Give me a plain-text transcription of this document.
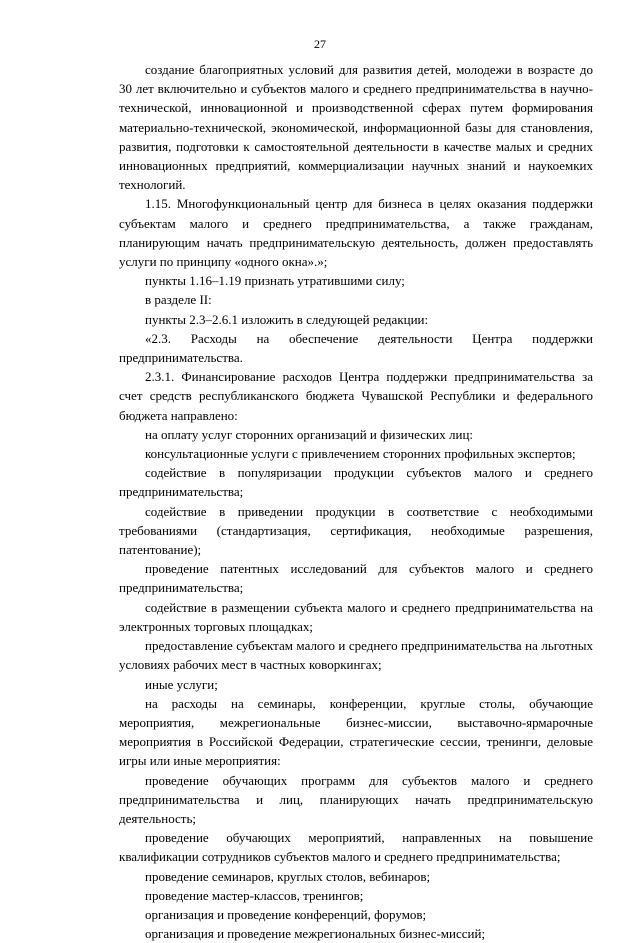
27

создание благоприятных условий для развития детей, молодежи в возрасте до 30 лет включительно и субъектов малого и среднего предпринимательства в научно-технической, инновационной и производственной сферах путем формирования материально-технической, экономической, информационной базы для становления, развития, подготовки к самостоятельной деятельности в качестве малых и средних инновационных предприятий, коммерциализации научных знаний и наукоемких технологий.

1.15. Многофункциональный центр для бизнеса в целях оказания поддержки субъектам малого и среднего предпринимательства, а также гражданам, планирующим начать предпринимательскую деятельность, должен предоставлять услуги по принципу «одного окна».»;

пункты 1.16–1.19 признать утратившими силу;

в разделе II:

пункты 2.3–2.6.1 изложить в следующей редакции:

«2.3. Расходы на обеспечение деятельности Центра поддержки предпринимательства.

2.3.1. Финансирование расходов Центра поддержки предпринимательства за счет средств республиканского бюджета Чувашской Республики и федерального бюджета направлено:

на оплату услуг сторонних организаций и физических лиц:

консультационные услуги с привлечением сторонних профильных экспертов;

содействие в популяризации продукции субъектов малого и среднего предпринимательства;

содействие в приведении продукции в соответствие с необходимыми требованиями (стандартизация, сертификация, необходимые разрешения, патентование);

проведение патентных исследований для субъектов малого и среднего предпринимательства;

содействие в размещении субъекта малого и среднего предпринимательства на электронных торговых площадках;

предоставление субъектам малого и среднего предпринимательства на льготных условиях рабочих мест в частных коворкингах;

иные услуги;

на расходы на семинары, конференции, круглые столы, обучающие мероприятия, межрегиональные бизнес-миссии, выставочно-ярмарочные мероприятия в Российской Федерации, стратегические сессии, тренинги, деловые игры или иные мероприятия:

проведение обучающих программ для субъектов малого и среднего предпринимательства и лиц, планирующих начать предпринимательскую деятельность;

проведение обучающих мероприятий, направленных на повышение квалификации сотрудников субъектов малого и среднего предпринимательства;

проведение семинаров, круглых столов, вебинаров;

проведение мастер-классов, тренингов;

организация и проведение конференций, форумов;

организация и проведение межрегиональных бизнес-миссий;
